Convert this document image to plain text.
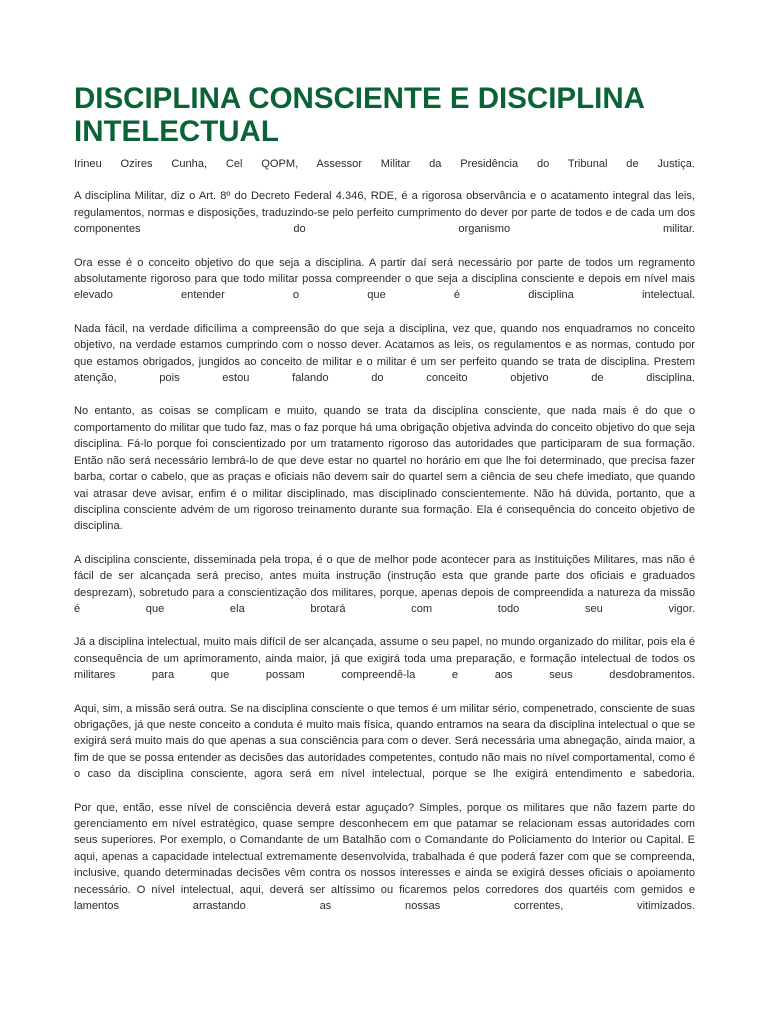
DISCIPLINA CONSCIENTE E DISCIPLINA INTELECTUAL

Irineu Ozires Cunha, Cel QOPM, Assessor Militar da Presidência do Tribunal de Justiça.

A disciplina Militar, diz o Art. 8º do Decreto Federal 4.346, RDE, é a rigorosa observância e o acatamento integral das leis, regulamentos, normas e disposições, traduzindo-se pelo perfeito cumprimento do dever por parte de todos e de cada um dos componentes do organismo militar.

Ora esse é o conceito objetivo do que seja a disciplina. A partir daí será necessário por parte de todos um regramento absolutamente rigoroso para que todo militar possa compreender o que seja a disciplina consciente e depois em nível mais elevado entender o que é disciplina intelectual.

Nada fácil, na verdade dificílima a compreensão do que seja a disciplina, vez que, quando nos enquadramos no conceito objetivo, na verdade estamos cumprindo com o nosso dever. Acatamos as leis, os regulamentos e as normas, contudo por que estamos obrigados, jungidos ao conceito de militar e o militar é um ser perfeito quando se trata de disciplina. Prestem atenção, pois estou falando do conceito objetivo de disciplina.

No entanto, as coisas se complicam e muito, quando se trata da disciplina consciente, que nada mais é do que o comportamento do militar que tudo faz, mas o faz porque há uma obrigação objetiva advinda do conceito objetivo do que seja disciplina. Fá-lo porque foi conscientizado por um tratamento rigoroso das autoridades que participaram de sua formação. Então não será necessário lembrá-lo de que deve estar no quartel no horário em que lhe foi determinado, que precisa fazer barba, cortar o cabelo, que as praças e oficiais não devem sair do quartel sem a ciência de seu chefe imediato, que quando vai atrasar deve avisar, enfim é o militar disciplinado, mas disciplinado conscientemente. Não há dúvida, portanto, que a disciplina consciente advém de um rigoroso treinamento durante sua formação. Ela é consequência do conceito objetivo de disciplina.

A disciplina consciente, disseminada pela tropa, é o que de melhor pode acontecer para as Instituições Militares, mas não é fácil de ser alcançada será preciso, antes muita instrução (instrução esta que grande parte dos oficiais e graduados desprezam), sobretudo para a conscientização dos militares, porque, apenas depois de compreendida a natureza da missão é que ela brotará com todo seu vigor.

Já a disciplina intelectual, muito mais difícil de ser alcançada, assume o seu papel, no mundo organizado do militar, pois ela é consequência de um aprimoramento, ainda maior, já que exigirá toda uma preparação, e formação intelectual de todos os militares para que possam compreendê-la e aos seus desdobramentos.

Aqui, sim, a missão será outra. Se na disciplina consciente o que temos é um militar sério, compenetrado, consciente de suas obrigações, já que neste conceito a conduta é muito mais física, quando entramos na seara da disciplina intelectual o que se exigirá será muito mais do que apenas a sua consciência para com o dever. Será necessária uma abnegação, ainda maior, a fim de que se possa entender as decisões das autoridades competentes, contudo não mais no nível comportamental, como é o caso da disciplina consciente, agora será em nível intelectual, porque se lhe exigirá entendimento e sabedoria.

Por que, então, esse nível de consciência deverá estar aguçado? Simples, porque os militares que não fazem parte do gerenciamento em nível estratégico, quase sempre desconhecem em que patamar se relacionam essas autoridades com seus superiores. Por exemplo, o Comandante de um Batalhão com o Comandante do Policiamento do Interior ou Capital. E aqui, apenas a capacidade intelectual extremamente desenvolvida, trabalhada é que poderá fazer com que se compreenda, inclusive, quando determinadas decisões vêm contra os nossos interesses e ainda se exigirá desses oficiais o apoiamento necessário. O nível intelectual, aqui, deverá ser altíssimo ou ficaremos pelos corredores dos quartéis com gemidos e lamentos arrastando as nossas correntes, vitimizados.
